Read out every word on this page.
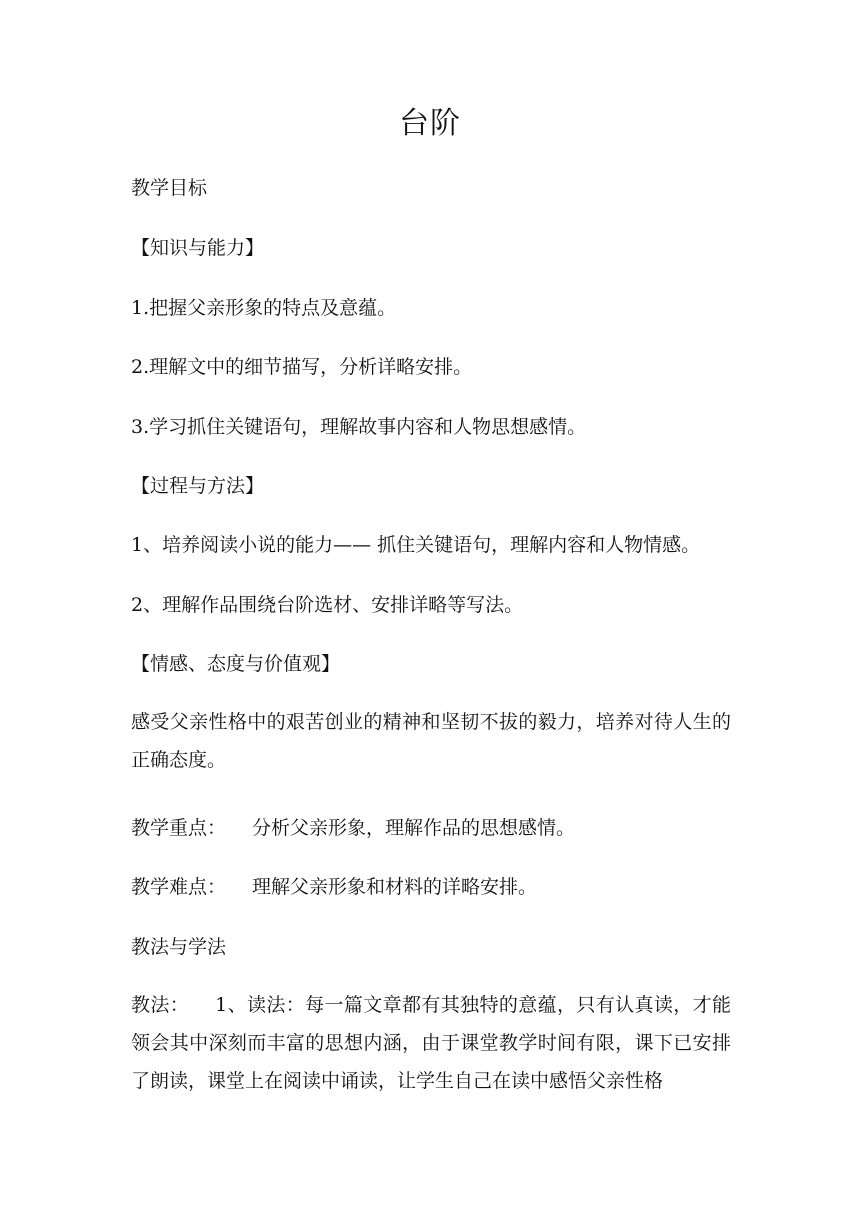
台阶
教学目标
【知识与能力】
1.把握父亲形象的特点及意蕴。
2.理解文中的细节描写，分析详略安排。
3.学习抓住关键语句，理解故事内容和人物思想感情。
【过程与方法】
1、培养阅读小说的能力—— 抓住关键语句，理解内容和人物情感。
2、理解作品围绕台阶选材、安排详略等写法。
【情感、态度与价值观】
感受父亲性格中的艰苦创业的精神和坚韧不拔的毅力，培养对待人生的正确态度。
教学重点： 分析父亲形象，理解作品的思想感情。
教学难点： 理解父亲形象和材料的详略安排。
教法与学法
教法： 1、读法：每一篇文章都有其独特的意蕴，只有认真读，才能领会其中深刻而丰富的思想内涵，由于课堂教学时间有限，课下已安排了朗读，课堂上在阅读中诵读，让学生自己在读中感悟父亲性格
